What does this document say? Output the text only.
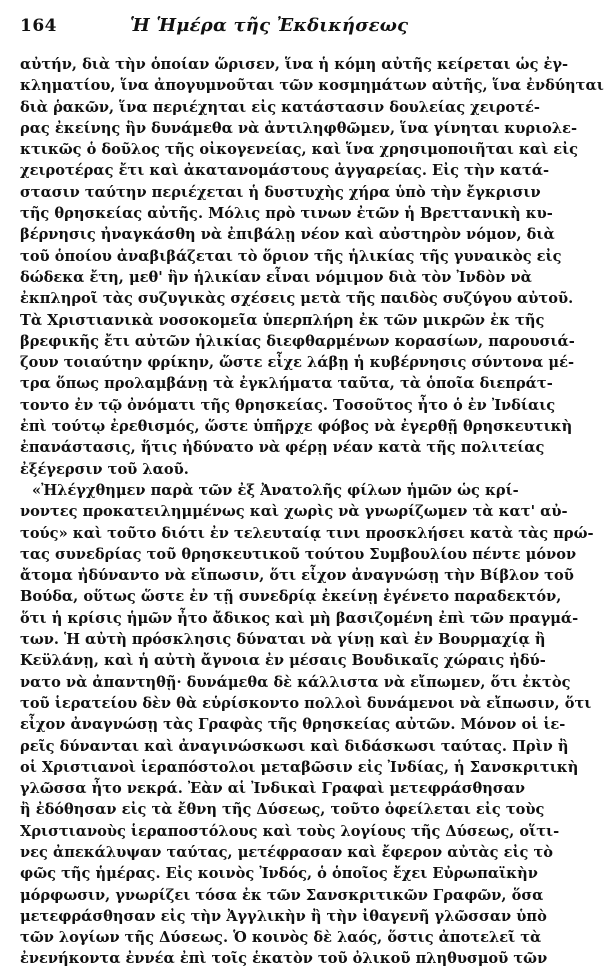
164	Ἡ Ἡμέρα τῆς Ἐκδικήσεως
αὐτήν, διὰ τὴν ὁποίαν ὥρισεν, ἵνα ἡ κόμη αὐτῆς κείρεται ὡς ἐγ-
κληματίου, ἵνα ἀπογυμνοῦται τῶν κοσμημάτων αὐτῆς, ἵνα ἐνδύηται
διὰ ῥακῶν, ἵνα περιέχηται εἰς κατάστασιν δουλείας χειροτέ-
ρας ἐκείνης ἣν δυνάμεθα νὰ ἀντιληφθῶμεν, ἵνα γίνηται κυριολε-
κτικῶς ὁ δοῦλος τῆς οἰκογενείας, καὶ ἵνα χρησιμοποιῆται καὶ εἰς
χειροτέρας ἔτι καὶ ἀκατανομάστους ἀγγαρείας. Εἰς τὴν κατά-
στασιν ταύτην περιέχεται ἡ δυστυχὴς χήρα ὑπὸ τὴν ἔγκρισιν
τῆς θρησκείας αὐτῆς. Μόλις πρὸ τινων ἐτῶν ἡ Βρεττανικὴ κυ-
βέρνησις ἠναγκάσθη νὰ ἐπιβάλῃ νέον καὶ αὐστηρὸν νόμον, διὰ
τοῦ ὁποίου ἀναβιβάζεται τὸ ὅριον τῆς ἡλικίας τῆς γυναικὸς εἰς
δώδεκα ἔτη, μεθ' ἣν ἡλικίαν εἶναι νόμιμον διὰ τὸν Ἰνδὸν νὰ
ἐκπληροῖ τὰς συζυγικὰς σχέσεις μετὰ τῆς παιδὸς συζύγου αὐτοῦ.
Τὰ Χριστιανικὰ νοσοκομεῖα ὑπερπλήρη ἐκ τῶν μικρῶν ἐκ τῆς
βρεφικῆς ἔτι αὐτῶν ἡλικίας διεφθαρμένων κορασίων, παρουσιά-
ζουν τοιαύτην φρίκην, ὥστε εἶχε λάβῃ ἡ κυβέρνησις σύντονα μέ-
τρα ὅπως προλαμβάνῃ τὰ ἐγκλήματα ταῦτα, τὰ ὁποῖα διεπράτ-
τοντο ἐν τῷ ὀνόματι τῆς θρησκείας. Τοσοῦτος ἦτο ὁ ἐν Ἰνδίαις
ἐπὶ τούτῳ ἐρεθισμός, ὥστε ὑπῆρχε φόβος νὰ ἐγερθῇ θρησκευτικὴ
ἐπανάστασις, ἥτις ἠδύνατο νὰ φέρῃ νέαν κατὰ τῆς πολιτείας
ἐξέγερσιν τοῦ λαοῦ.
«Ἠλέγχθημεν παρὰ τῶν ἐξ Ἀνατολῆς φίλων ἡμῶν ὡς κρί-
νοντες προκατειλημμένως καὶ χωρὶς νὰ γνωρίζωμεν τὰ κατ' αὐ-
τούς» καὶ τοῦτο διότι ἐν τελευταίᾳ τινι προσκλήσει κατὰ τὰς πρώ-
τας συνεδρίας τοῦ θρησκευτικοῦ τούτου Συμβουλίου πέντε μόνον
ἄτομα ἠδύναντο νὰ εἴπωσιν, ὅτι εἶχον ἀναγνώσῃ τὴν Βίβλον τοῦ
Βούδα, οὕτως ὥστε ἐν τῇ συνεδρίᾳ ἐκείνῃ ἐγένετο παραδεκτόν,
ὅτι ἡ κρίσις ἡμῶν ἦτο ἄδικος καὶ μὴ βασιζομένη ἐπὶ τῶν πραγμά-
των. Ἡ αὐτὴ πρόσκλησις δύναται νὰ γίνῃ καὶ ἐν Βουρμαχίᾳ ἢ
Κεϋλάνῃ, καὶ ἡ αὐτὴ ἄγνοια ἐν μέσαις Βουδικαῖς χώραις ἠδύ-
νατο νὰ ἀπαντηθῇ· δυνάμεθα δὲ κάλλιστα νὰ εἴπωμεν, ὅτι ἐκτὸς
τοῦ ἱερατείου δὲν θὰ εὑρίσκοντο πολλοὶ δυνάμενοι νὰ εἴπωσιν, ὅτι
εἶχον ἀναγνώσῃ τὰς Γραφὰς τῆς θρησκείας αὐτῶν. Μόνον οἱ ἱε-
ρεῖς δύνανται καὶ ἀναγινώσκωσι καὶ διδάσκωσι ταύτας. Πρὶν ἢ
οἱ Χριστιανοὶ ἱεραπόστολοι μεταβῶσιν εἰς Ἰνδίας, ἡ Σανσκριτικὴ
γλῶσσα ἦτο νεκρά. Ἐὰν αἱ Ἰνδικαὶ Γραφαὶ μετεφράσθησαν
ἢ ἐδόθησαν εἰς τὰ ἔθνη τῆς Δύσεως, τοῦτο ὀφείλεται εἰς τοὺς
Χριστιανοὺς ἱεραποστόλους καὶ τοὺς λογίους τῆς Δύσεως, οἵτι-
νες ἀπεκάλυψαν ταύτας, μετέφρασαν καὶ ἔφερον αὐτὰς εἰς τὸ
φῶς τῆς ἡμέρας. Εἰς κοινὸς Ἰνδός, ὁ ὁποῖος ἔχει Εὐρωπαϊκὴν
μόρφωσιν, γνωρίζει τόσα ἐκ τῶν Σανσκριτικῶν Γραφῶν, ὅσα
μετεφράσθησαν εἰς τὴν Ἀγγλικὴν ἢ τὴν ἰθαγενῆ γλῶσσαν ὑπὸ
τῶν λογίων τῆς Δύσεως. Ὁ κοινὸς δὲ λαός, ὅστις ἀποτελεῖ τὰ
ἐνενήκοντα ἐννέα ἐπὶ τοῖς ἑκατὸν τοῦ ὀλικοῦ πληθυσμοῦ τῶν
